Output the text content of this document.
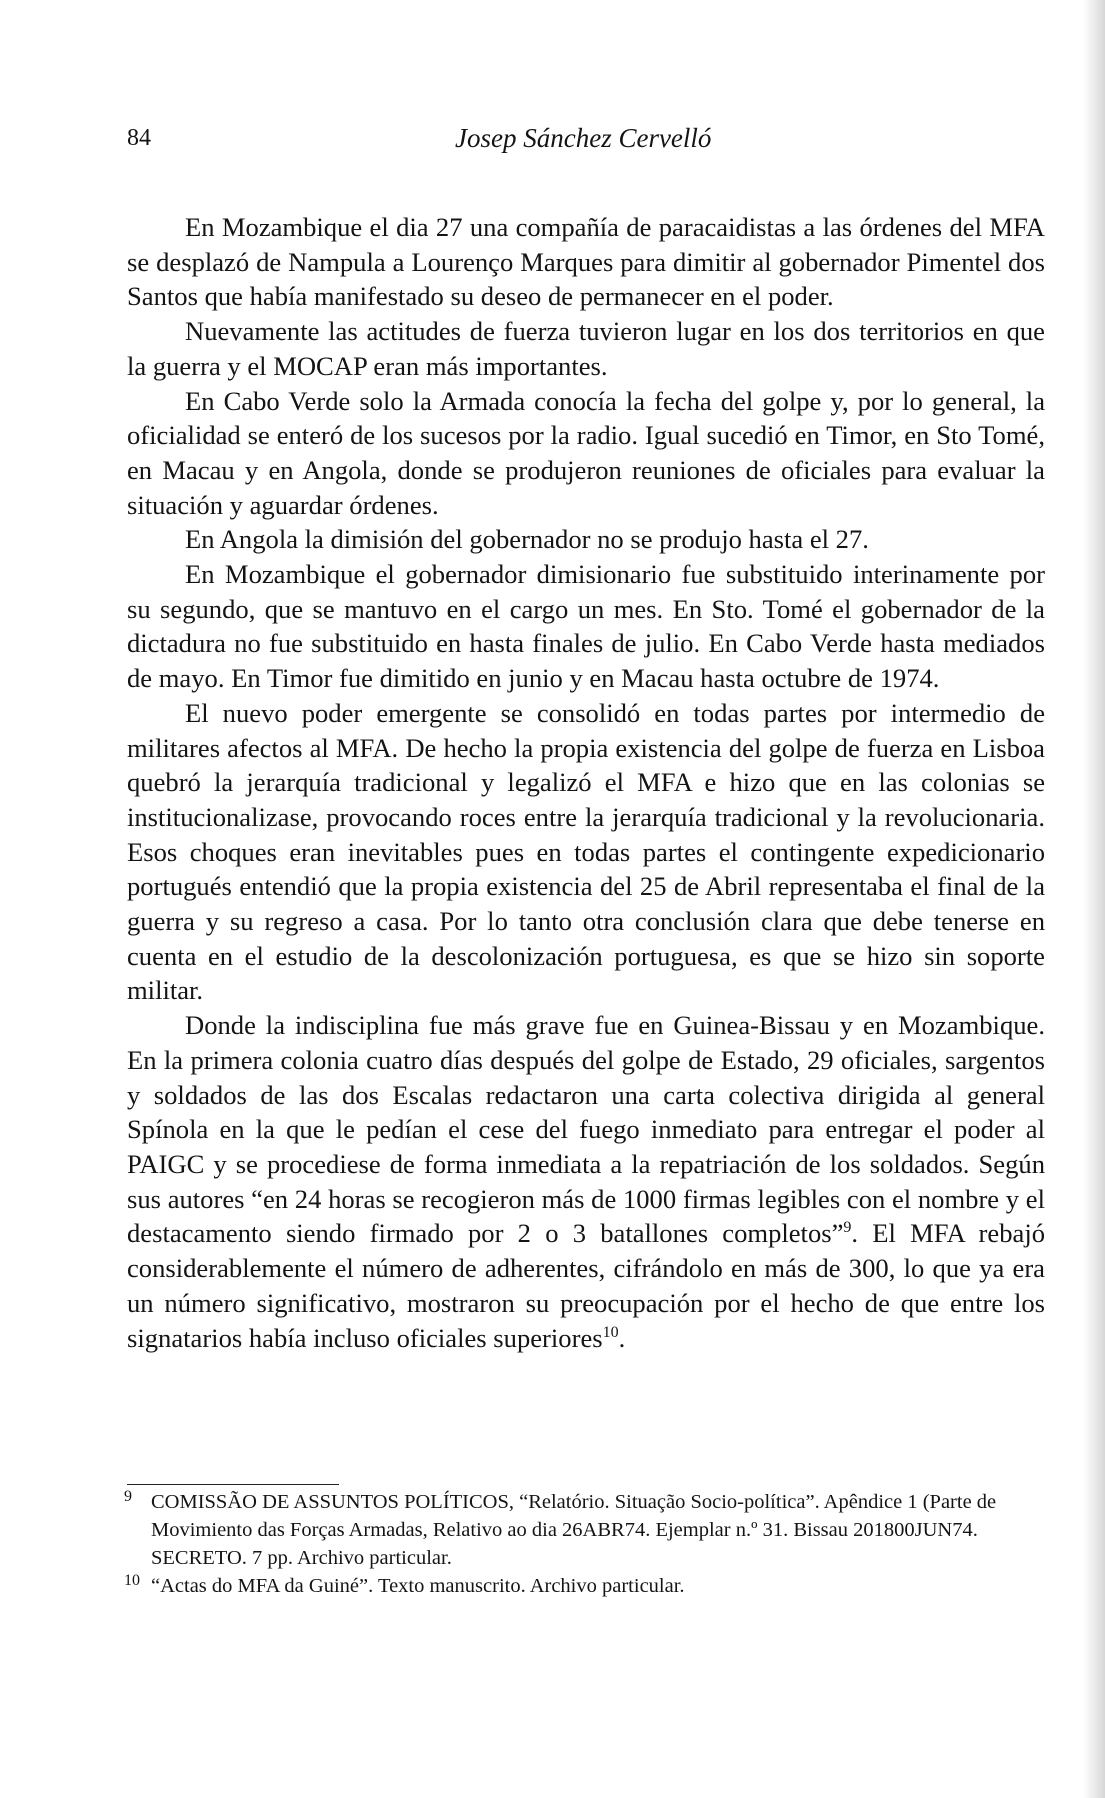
84	Josep Sánchez Cervelló

En Mozambique el dia 27 una compañía de paracaidistas a las órdenes del MFA se desplazó de Nampula a Lourenço Marques para dimitir al gobernador Pimentel dos Santos que había manifestado su deseo de permanecer en el poder.

Nuevamente las actitudes de fuerza tuvieron lugar en los dos territorios en que la guerra y el MOCAP eran más importantes.

En Cabo Verde solo la Armada conocía la fecha del golpe y, por lo general, la oficialidad se enteró de los sucesos por la radio. Igual sucedió en Timor, en Sto Tomé, en Macau y en Angola, donde se produjeron reuniones de oficiales para evaluar la situación y aguardar órdenes.

En Angola la dimisión del gobernador no se produjo hasta el 27.

En Mozambique el gobernador dimisionario fue substituido interinamente por su segundo, que se mantuvo en el cargo un mes. En Sto. Tomé el gobernador de la dictadura no fue substituido en hasta finales de julio. En Cabo Verde hasta mediados de mayo. En Timor fue dimitido en junio y en Macau hasta octubre de 1974.

El nuevo poder emergente se consolidó en todas partes por intermedio de militares afectos al MFA. De hecho la propia existencia del golpe de fuerza en Lisboa quebró la jerarquía tradicional y legalizó el MFA e hizo que en las colonias se institucionalizase, provocando roces entre la jerarquía tradicional y la revolucionaria. Esos choques eran inevitables pues en todas partes el contingente expedicionario portugués entendió que la propia existencia del 25 de Abril representaba el final de la guerra y su regreso a casa. Por lo tanto otra conclusión clara que debe tenerse en cuenta en el estudio de la descolonización portuguesa, es que se hizo sin soporte militar.

Donde la indisciplina fue más grave fue en Guinea-Bissau y en Mozambique. En la primera colonia cuatro días después del golpe de Estado, 29 oficiales, sargentos y soldados de las dos Escalas redactaron una carta colectiva dirigida al general Spínola en la que le pedían el cese del fuego inmediato para entregar el poder al PAIGC y se procediese de forma inmediata a la repatriación de los soldados. Según sus autores “en 24 horas se recogieron más de 1000 firmas legibles con el nombre y el destacamento siendo firmado por 2 o 3 batallones completos”$^9$. El MFA rebajó considerablemente el número de adherentes, cifrándolo en más de 300, lo que ya era un número significativo, mostraron su preocupación por el hecho de que entre los signatarios había incluso oficiales superiores$^{10}$.

9 COMISSÃO DE ASSUNTOS POLÍTICOS, “Relatório. Situação Socio-política”. Apêndice 1 (Parte de Movimiento das Forças Armadas, Relativo ao dia 26ABR74. Ejemplar n.º 31. Bissau 201800JUN74. SECRETO. 7 pp. Archivo particular.
10 “Actas do MFA da Guiné”. Texto manuscrito. Archivo particular.
